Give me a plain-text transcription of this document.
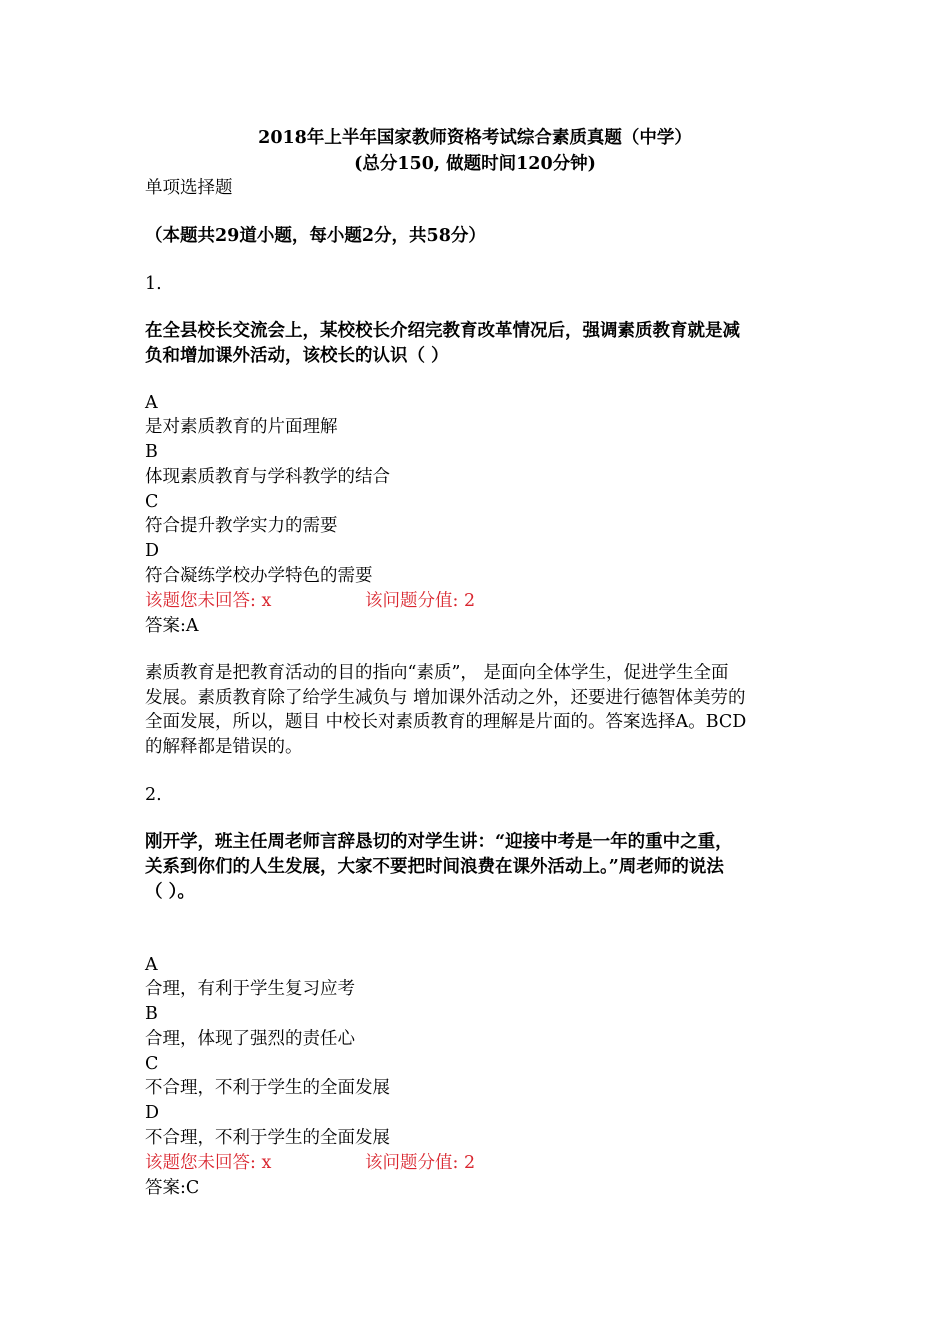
2018年上半年国家教师资格考试综合素质真题（中学）
(总分150, 做题时间120分钟)
单项选择题
（本题共29道小题，每小题2分，共58分）
1.
在全县校长交流会上，某校校长介绍完教育改革情况后，强调素质教育就是减
负和增加课外活动，该校长的认识（ ）
A
是对素质教育的片面理解
B
体现素质教育与学科教学的结合
C
符合提升教学实力的需要
D
符合凝练学校办学特色的需要
该题您未回答: x	该问题分值: 2
答案:A
素质教育是把教育活动的目的指向“素质”， 是面向全体学生，促进学生全面
发展。素质教育除了给学生减负与 增加课外活动之外，还要进行德智体美劳的
全面发展，所以，题目 中校长对素质教育的理解是片面的。答案选择A。BCD
的解释都是错误的。
2.
刚开学，班主任周老师言辞恳切的对学生讲：“迎接中考是一年的重中之重，
关系到你们的人生发展，大家不要把时间浪费在课外活动上。”周老师的说法
（ ）。
A
合理，有利于学生复习应考
B
合理，体现了强烈的责任心
C
不合理，不利于学生的全面发展
D
不合理，不利于学生的全面发展
该题您未回答: x	该问题分值: 2
答案:C
